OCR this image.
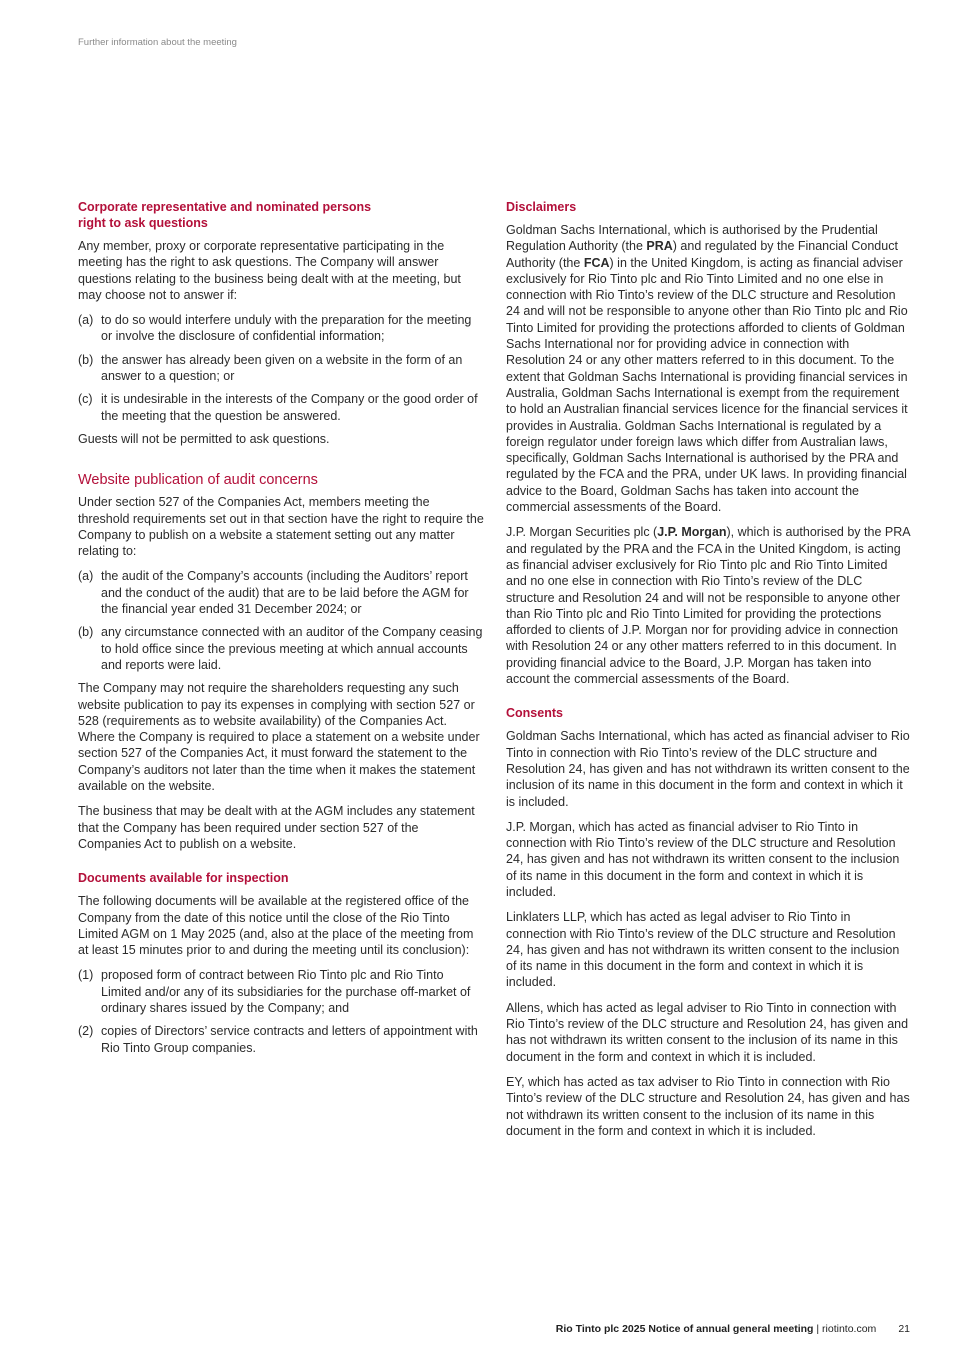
Further information about the meeting
Corporate representative and nominated persons
right to ask questions

Any member, proxy or corporate representative participating in the meeting has the right to ask questions. The Company will answer questions relating to the business being dealt with at the meeting, but may choose not to answer if:

(a) to do so would interfere unduly with the preparation for the meeting or involve the disclosure of confidential information;
(b) the answer has already been given on a website in the form of an answer to a question; or
(c) it is undesirable in the interests of the Company or the good order of the meeting that the question be answered.

Guests will not be permitted to ask questions.

Website publication of audit concerns

Under section 527 of the Companies Act, members meeting the threshold requirements set out in that section have the right to require the Company to publish on a website a statement setting out any matter relating to:

(a) the audit of the Company’s accounts (including the Auditors’ report and the conduct of the audit) that are to be laid before the AGM for the financial year ended 31 December 2024; or
(b) any circumstance connected with an auditor of the Company ceasing to hold office since the previous meeting at which annual accounts and reports were laid.

The Company may not require the shareholders requesting any such website publication to pay its expenses in complying with section 527 or 528 (requirements as to website availability) of the Companies Act. Where the Company is required to place a statement on a website under section 527 of the Companies Act, it must forward the statement to the Company’s auditors not later than the time when it makes the statement available on the website.

The business that may be dealt with at the AGM includes any statement that the Company has been required under section 527 of the Companies Act to publish on a website.

Documents available for inspection

The following documents will be available at the registered office of the Company from the date of this notice until the close of the Rio Tinto Limited AGM on 1 May 2025 (and, also at the place of the meeting from at least 15 minutes prior to and during the meeting until its conclusion):

(1) proposed form of contract between Rio Tinto plc and Rio Tinto Limited and/or any of its subsidiaries for the purchase off-market of ordinary shares issued by the Company; and
(2) copies of Directors’ service contracts and letters of appointment with Rio Tinto Group companies.
Disclaimers

Goldman Sachs International, which is authorised by the Prudential Regulation Authority (the PRA) and regulated by the Financial Conduct Authority (the FCA) in the United Kingdom, is acting as financial adviser exclusively for Rio Tinto plc and Rio Tinto Limited and no one else in connection with Rio Tinto’s review of the DLC structure and Resolution 24 and will not be responsible to anyone other than Rio Tinto plc and Rio Tinto Limited for providing the protections afforded to clients of Goldman Sachs International nor for providing advice in connection with Resolution 24 or any other matters referred to in this document. To the extent that Goldman Sachs International is providing financial services in Australia, Goldman Sachs International is exempt from the requirement to hold an Australian financial services licence for the financial services it provides in Australia. Goldman Sachs International is regulated by a foreign regulator under foreign laws which differ from Australian laws, specifically, Goldman Sachs International is authorised by the PRA and regulated by the FCA and the PRA, under UK laws. In providing financial advice to the Board, Goldman Sachs has taken into account the commercial assessments of the Board.

J.P. Morgan Securities plc (J.P. Morgan), which is authorised by the PRA and regulated by the PRA and the FCA in the United Kingdom, is acting as financial adviser exclusively for Rio Tinto plc and Rio Tinto Limited and no one else in connection with Rio Tinto’s review of the DLC structure and Resolution 24 and will not be responsible to anyone other than Rio Tinto plc and Rio Tinto Limited for providing the protections afforded to clients of J.P. Morgan nor for providing advice in connection with Resolution 24 or any other matters referred to in this document. In providing financial advice to the Board, J.P. Morgan has taken into account the commercial assessments of the Board.

Consents

Goldman Sachs International, which has acted as financial adviser to Rio Tinto in connection with Rio Tinto’s review of the DLC structure and Resolution 24, has given and has not withdrawn its written consent to the inclusion of its name in this document in the form and context in which it is included.

J.P. Morgan, which has acted as financial adviser to Rio Tinto in connection with Rio Tinto’s review of the DLC structure and Resolution 24, has given and has not withdrawn its written consent to the inclusion of its name in this document in the form and context in which it is included.

Linklaters LLP, which has acted as legal adviser to Rio Tinto in connection with Rio Tinto’s review of the DLC structure and Resolution 24, has given and has not withdrawn its written consent to the inclusion of its name in this document in the form and context in which it is included.

Allens, which has acted as legal adviser to Rio Tinto in connection with Rio Tinto’s review of the DLC structure and Resolution 24, has given and has not withdrawn its written consent to the inclusion of its name in this document in the form and context in which it is included.

EY, which has acted as tax adviser to Rio Tinto in connection with Rio Tinto’s review of the DLC structure and Resolution 24, has given and has not withdrawn its written consent to the inclusion of its name in this document in the form and context in which it is included.

Rio Tinto plc 2025 Notice of annual general meeting | riotinto.com 21
